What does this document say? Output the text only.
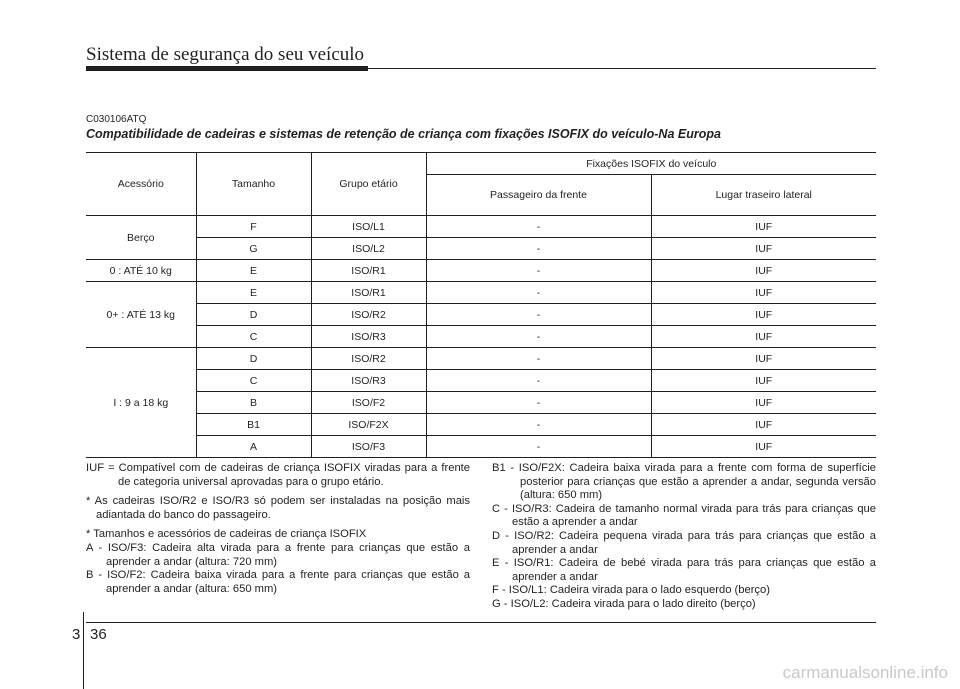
Sistema de segurança do seu veículo
C030106ATQ
Compatibilidade de cadeiras e sistemas de retenção de criança com fixações ISOFIX do veículo-Na Europa
Acessório	Tamanho	Grupo etário	Fixações ISOFIX do veículo	
			Passageiro da frente	Lugar traseiro lateral
Berço	F	ISO/L1	-	IUF
	G	ISO/L2	-	IUF
0 : ATÉ 10 kg	E	ISO/R1	-	IUF
0+ : ATÉ 13 kg	E	ISO/R1	-	IUF
	D	ISO/R2	-	IUF
	C	ISO/R3	-	IUF
I : 9 a 18 kg	D	ISO/R2	-	IUF
	C	ISO/R3	-	IUF
	B	ISO/F2	-	IUF
	B1	ISO/F2X	-	IUF
	A	ISO/F3	-	IUF
IUF = Compatível com de cadeiras de criança ISOFIX viradas para a frente de categoria universal aprovadas para o grupo etário.
* As cadeiras ISO/R2 e ISO/R3 só podem ser instaladas na posição mais adiantada do banco do passageiro.
* Tamanhos e acessórios de cadeiras de criança ISOFIX
A - ISO/F3: Cadeira alta virada para a frente para crianças que estão a aprender a andar (altura: 720 mm)
B - ISO/F2: Cadeira baixa virada para a frente para crianças que estão a aprender a andar (altura: 650 mm)
B1 - ISO/F2X: Cadeira baixa virada para a frente com forma de superfície posterior para crianças que estão a aprender a andar, segunda versão (altura: 650 mm)
C - ISO/R3: Cadeira de tamanho normal virada para trás para crianças que estão a aprender a andar
D - ISO/R2: Cadeira pequena virada para trás para crianças que estão a aprender a andar
E - ISO/R1: Cadeira de bebé virada para trás para crianças que estão a aprender a andar
F - ISO/L1: Cadeira virada para o lado esquerdo (berço)
G - ISO/L2: Cadeira virada para o lado direito (berço)
3 36
carmanualsonline.info
